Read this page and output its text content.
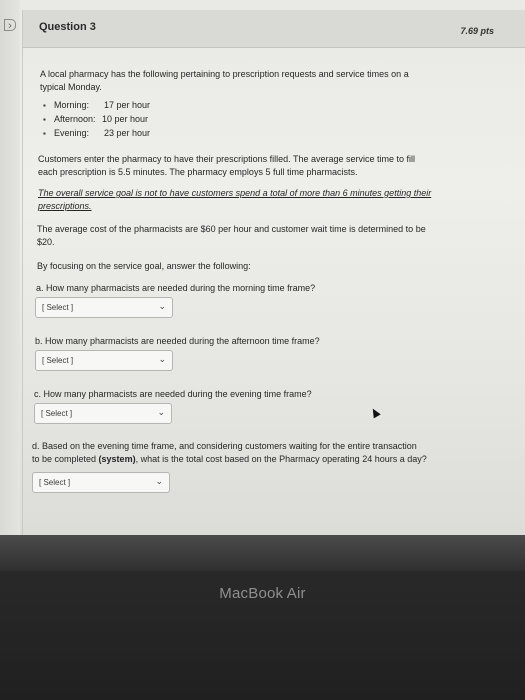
›	Question 3	7.69 pts
A local pharmacy has the following pertaining to prescription requests and service times on a
typical Monday.
▪ Morning: 17 per hour
▪ Afternoon: 10 per hour
▪ Evening: 23 per hour
Customers enter the pharmacy to have their prescriptions filled. The average service time to fill
each prescription is 5.5 minutes. The pharmacy employs 5 full time pharmacists.
The overall service goal is not to have customers spend a total of more than 6 minutes getting their
prescriptions.
The average cost of the pharmacists are $60 per hour and customer wait time is determined to be
$20.
By focusing on the service goal, answer the following:
a. How many pharmacists are needed during the morning time frame?
[ Select ]	⌄
b. How many pharmacists are needed during the afternoon time frame?
[ Select ]	⌄
c. How many pharmacists are needed during the evening time frame?
[ Select ]	⌄
d. Based on the evening time frame, and considering customers waiting for the entire transaction
to be completed (system), what is the total cost based on the Pharmacy operating 24 hours a day?
[ Select ]	⌄
MacBook Air
